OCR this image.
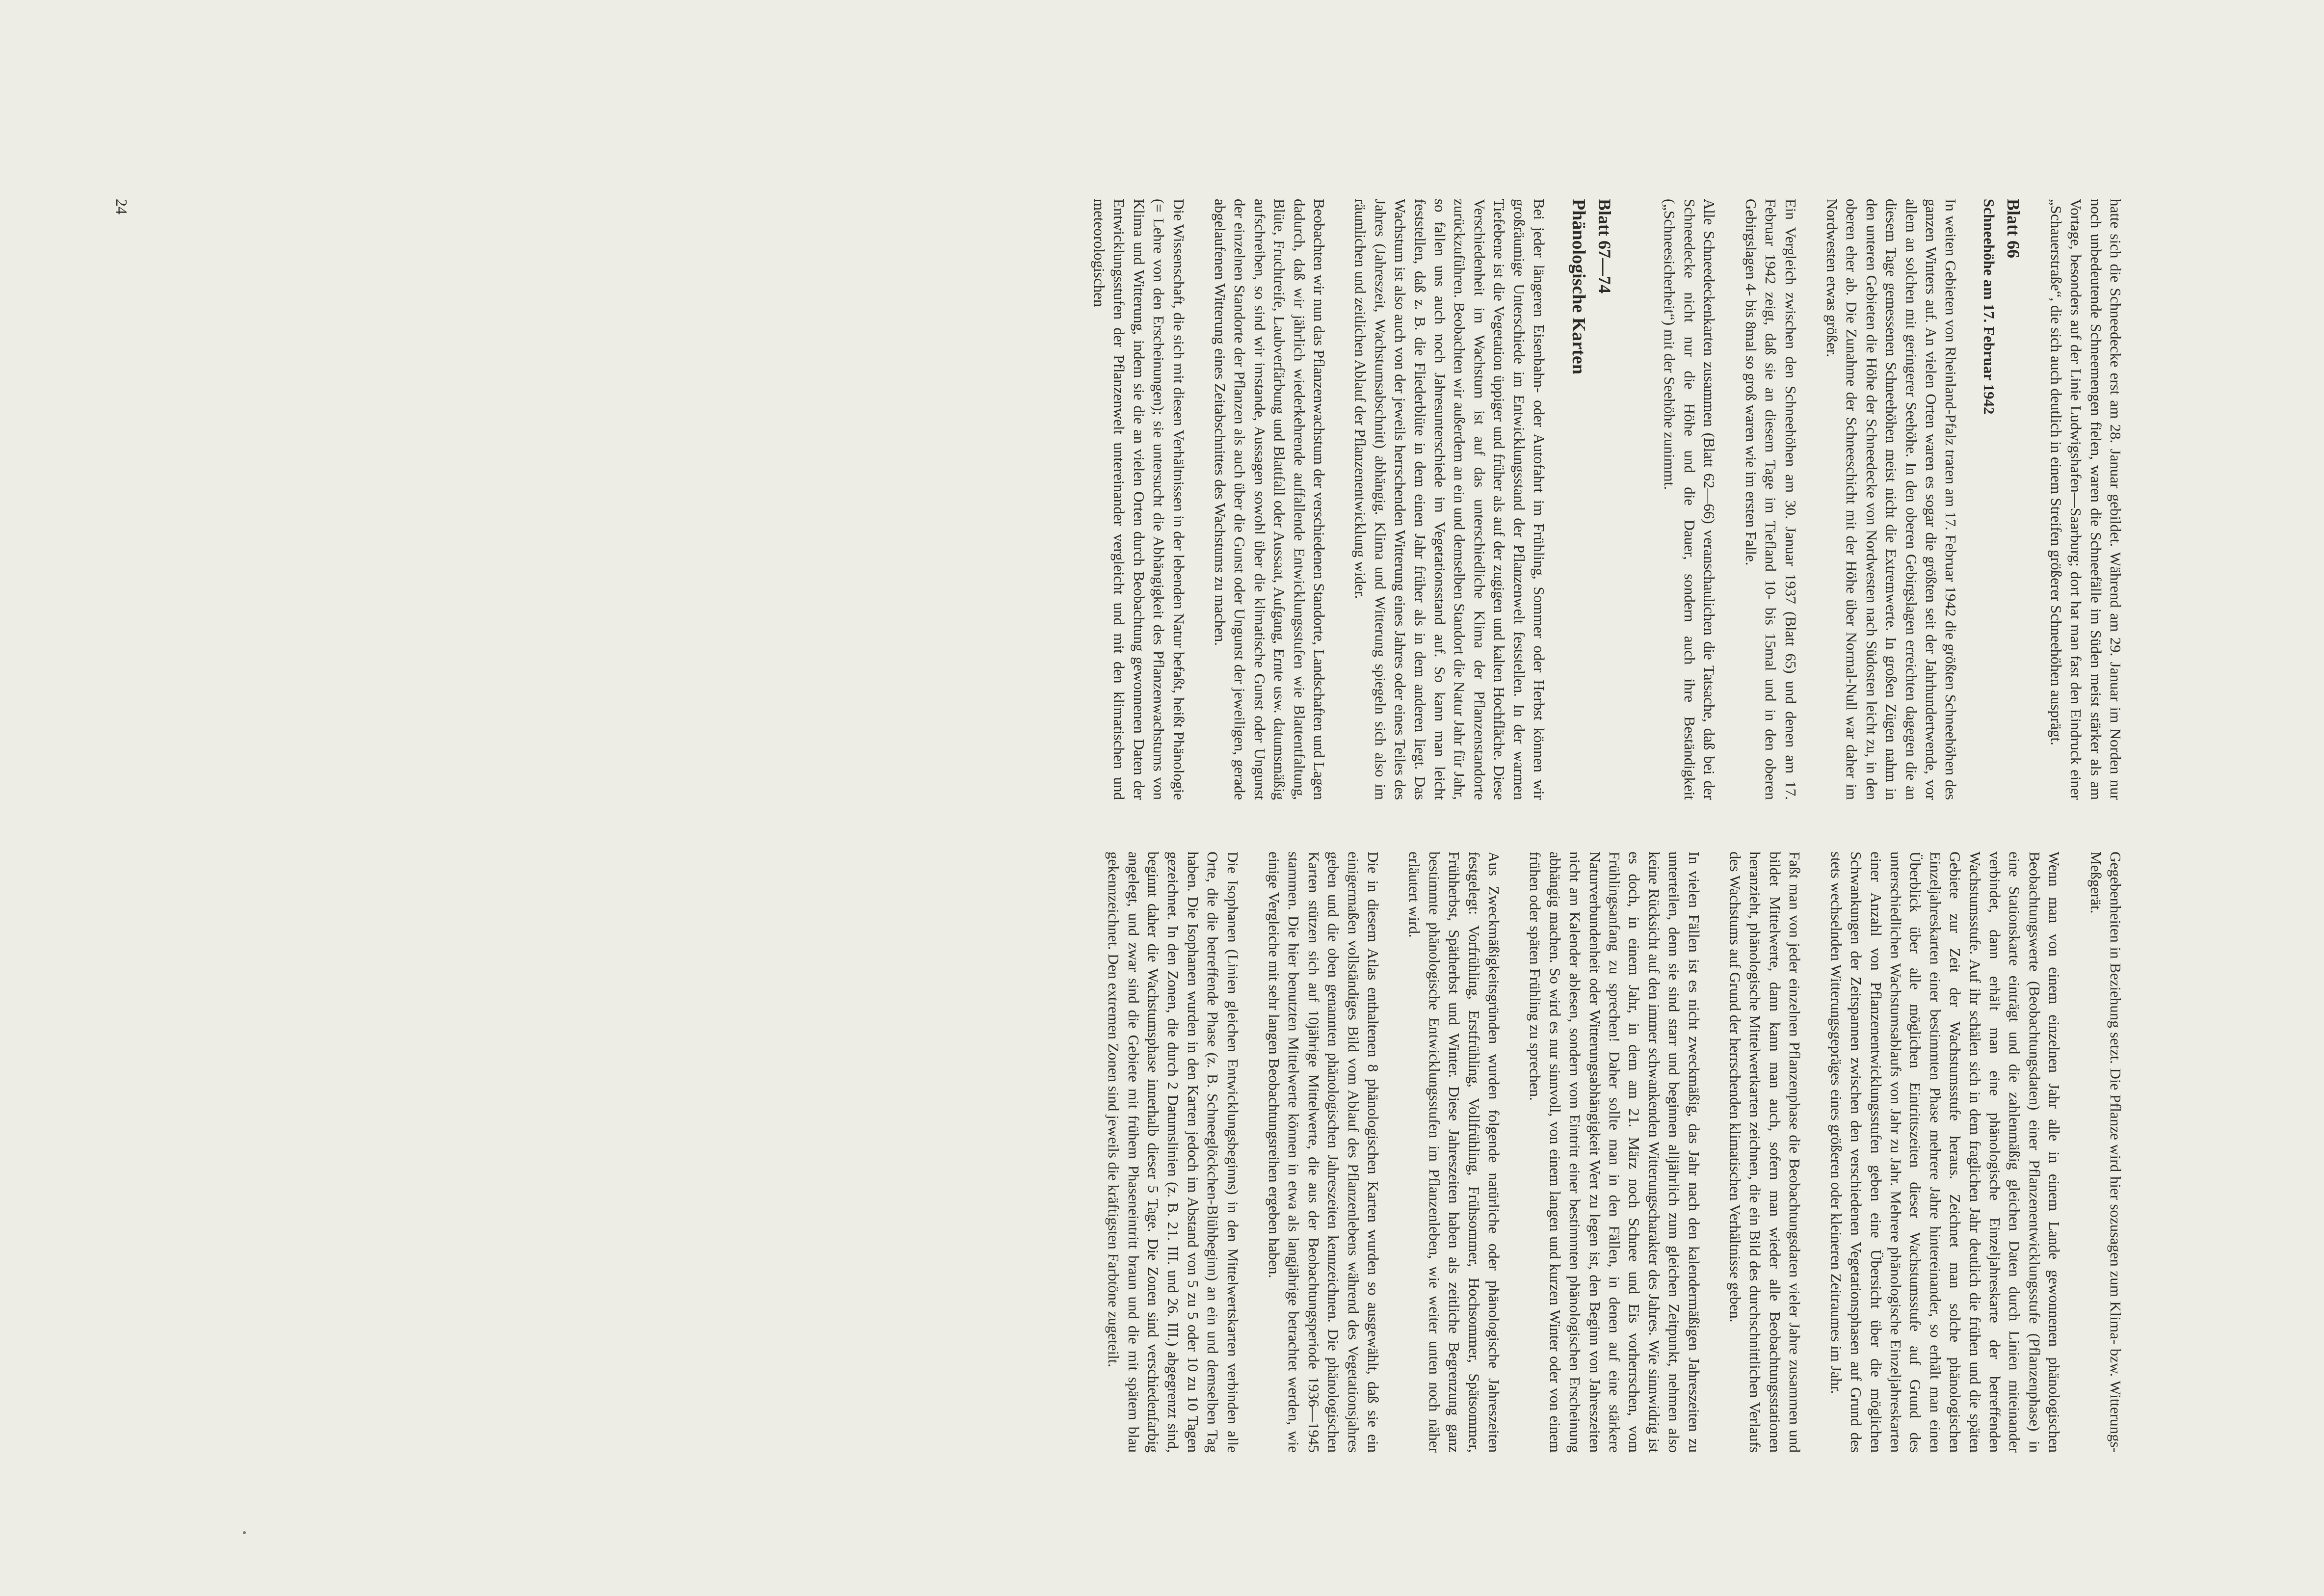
hatte sich die Schneedecke erst am 28. Januar gebildet. Während am 29. Januar im Norden nur noch unbedeutende Schneemengen fielen, waren die Schneefälle im Süden meist stärker als am Vortage, besonders auf der Linie Ludwigshafen—Saarburg; dort hat man fast den Eindruck einer „Schauerstraße“, die sich auch deutlich in einem Streifen größerer Schneehöhen ausprägt.

Blatt 66
Schneehöhe am 17. Februar 1942

In weiten Gebieten von Rheinland-Pfalz traten am 17. Februar 1942 die größten Schneehöhen des ganzen Winters auf. An vielen Orten waren es sogar die größten seit der Jahrhundertwende, vor allem an solchen mit geringerer Seehöhe. In den oberen Gebirgslagen erreichten dagegen die an diesem Tage gemessenen Schneehöhen meist nicht die Extremwerte. In großen Zügen nahm in den unteren Gebieten die Höhe der Schneedecke von Nordwesten nach Südosten leicht zu, in den oberen eher ab. Die Zunahme der Schneeschicht mit der Höhe über Normal-Null war daher im Nordwesten etwas größer.

Ein Vergleich zwischen den Schneehöhen am 30. Januar 1937 (Blatt 65) und denen am 17. Februar 1942 zeigt, daß sie an diesem Tage im Tiefland 10- bis 15mal und in den oberen Gebirgslagen 4- bis 8mal so groß waren wie im ersten Falle.

Alle Schneedeckenkarten zusammen (Blatt 62—66) veranschaulichen die Tatsache, daß bei der Schneedecke nicht nur die Höhe und die Dauer, sondern auch ihre Beständigkeit („Schneesicherheit“) mit der Seehöhe zunimmt.

Blatt 67—74
Phänologische Karten

Bei jeder längeren Eisenbahn- oder Autofahrt im Frühling, Sommer oder Herbst können wir großräumige Unterschiede im Entwicklungsstand der Pflanzenwelt feststellen. In der warmen Tiefebene ist die Vegetation üppiger und früher als auf der zugigen und kalten Hochfläche. Diese Verschiedenheit im Wachstum ist auf das unterschiedliche Klima der Pflanzenstandorte zurückzuführen. Beobachten wir außerdem an ein und demselben Standort die Natur Jahr für Jahr, so fallen uns auch noch Jahresunterschiede im Vegetationsstand auf. So kann man leicht feststellen, daß z. B. die Fliederblüte in dem einen Jahr früher als in dem anderen liegt. Das Wachstum ist also auch von der jeweils herrschenden Witterung eines Jahres oder eines Teiles des Jahres (Jahreszeit, Wachstumsabschnitt) abhängig. Klima und Witterung spiegeln sich also im räumlichen und zeitlichen Ablauf der Pflanzenentwicklung wider.

Beobachten wir nun das Pflanzenwachstum der verschiedenen Standorte, Landschaften und Lagen dadurch, daß wir jährlich wiederkehrende auffallende Entwicklungsstufen wie Blattentfaltung, Blüte, Fruchtreife, Laubverfärbung und Blattfall oder Aussaat, Aufgang, Ernte usw. datumsmäßig aufschreiben, so sind wir imstande, Aussagen sowohl über die klimatische Gunst oder Ungunst der einzelnen Standorte der Pflanzen als auch über die Gunst oder Ungunst der jeweiligen, gerade abgelaufenen Witterung eines Zeitabschnittes des Wachstums zu machen.

Die Wissenschaft, die sich mit diesen Verhältnissen in der lebenden Natur befaßt, heißt Phänologie (= Lehre von den Erscheinungen); sie untersucht die Abhängigkeit des Pflanzenwachstums von Klima und Witterung, indem sie die an vielen Orten durch Beobachtung gewonnenen Daten der Entwicklungsstufen der Pflanzenwelt untereinander vergleicht und mit den klimatischen und meteorologischen

Gegebenheiten in Beziehung setzt. Die Pflanze wird hier sozusagen zum Klima- bzw. Witterungs-Meßgerät.

Wenn man von einem einzelnen Jahr alle in einem Lande gewonnenen phänologischen Beobachtungswerte (Beobachtungsdaten) einer Pflanzenentwicklungsstufe (Pflanzenphase) in eine Stationskarte einträgt und die zahlenmäßig gleichen Daten durch Linien miteinander verbindet, dann erhält man eine phänologische Einzeljahreskarte der betreffenden Wachstumsstufe. Auf ihr schälen sich in dem fraglichen Jahr deutlich die frühen und die späten Gebiete zur Zeit der Wachstumsstufe heraus. Zeichnet man solche phänologischen Einzeljahreskarten einer bestimmten Phase mehrere Jahre hintereinander, so erhält man einen Überblick über alle möglichen Eintrittszeiten dieser Wachstumsstufe auf Grund des unterschiedlichen Wachstumsablaufs von Jahr zu Jahr. Mehrere phänologische Einzeljahreskarten einer Anzahl von Pflanzenentwicklungsstufen geben eine Übersicht über die möglichen Schwankungen der Zeitspannen zwischen den verschiedenen Vegetationsphasen auf Grund des stets wechselnden Witterungsgepräges eines größeren oder kleineren Zeitraumes im Jahr.

Faßt man von jeder einzelnen Pflanzenphase die Beobachtungsdaten vieler Jahre zusammen und bildet Mittelwerte, dann kann man auch, sofern man wieder alle Beobachtungsstationen heranzieht, phänologische Mittelwertkarten zeichnen, die ein Bild des durchschnittlichen Verlaufs des Wachstums auf Grund der herrschenden klimatischen Verhältnisse geben.

In vielen Fällen ist es nicht zweckmäßig, das Jahr nach den kalendermäßigen Jahreszeiten zu unterteilen, denn sie sind starr und beginnen alljährlich zum gleichen Zeitpunkt, nehmen also keine Rücksicht auf den immer schwankenden Witterungscharakter des Jahres. Wie sinnwidrig ist es doch, in einem Jahr, in dem am 21. März noch Schnee und Eis vorherrschen, vom Frühlingsanfang zu sprechen! Daher sollte man in den Fällen, in denen auf eine stärkere Naturverbundenheit oder Witterungsabhängigkeit Wert zu legen ist, den Beginn von Jahreszeiten nicht am Kalender ablesen, sondern vom Eintritt einer bestimmten phänologischen Erscheinung abhängig machen. So wird es nur sinnvoll, von einem langen und kurzen Winter oder von einem frühen oder späten Frühling zu sprechen.

Aus Zweckmäßigkeitsgründen wurden folgende natürliche oder phänologische Jahreszeiten festgelegt: Vorfrühling, Erstfrühling, Vollfrühling, Frühsommer, Hochsommer, Spätsommer, Frühherbst, Spätherbst und Winter. Diese Jahreszeiten haben als zeitliche Begrenzung ganz bestimmte phänologische Entwicklungsstufen im Pflanzenleben, wie weiter unten noch näher erläutert wird.

Die in diesem Atlas enthaltenen 8 phänologischen Karten wurden so ausgewählt, daß sie ein einigermaßen vollständiges Bild vom Ablauf des Pflanzenlebens während des Vegetationsjahres geben und die oben genannten phänologischen Jahreszeiten kennzeichnen. Die phänologischen Karten stützen sich auf 10jährige Mittelwerte, die aus der Beobachtungsperiode 1936—1945 stammen. Die hier benutzten Mittelwerte können in etwa als langjährige betrachtet werden, wie einige Vergleiche mit sehr langen Beobachtungsreihen ergeben haben.

Die Isophanen (Linien gleichen Entwicklungsbeginns) in den Mittelwertskarten verbinden alle Orte, die die betreffende Phase (z. B. Schneeglöckchen-Blühbeginn) an ein und demselben Tag haben. Die Isophanen wurden in den Karten jedoch im Abstand von 5 zu 5 oder 10 zu 10 Tagen gezeichnet. In den Zonen, die durch 2 Datumslinien (z. B. 21. III. und 26. III.) abgegrenzt sind, beginnt daher die Wachstumsphase innerhalb dieser 5 Tage. Die Zonen sind verschiedenfarbig angelegt, und zwar sind die Gebiete mit frühem Phaseneintritt braun und die mit spätem blau gekennzeichnet. Den extremen Zonen sind jeweils die kräftigsten Farbtöne zugeteilt.

24
